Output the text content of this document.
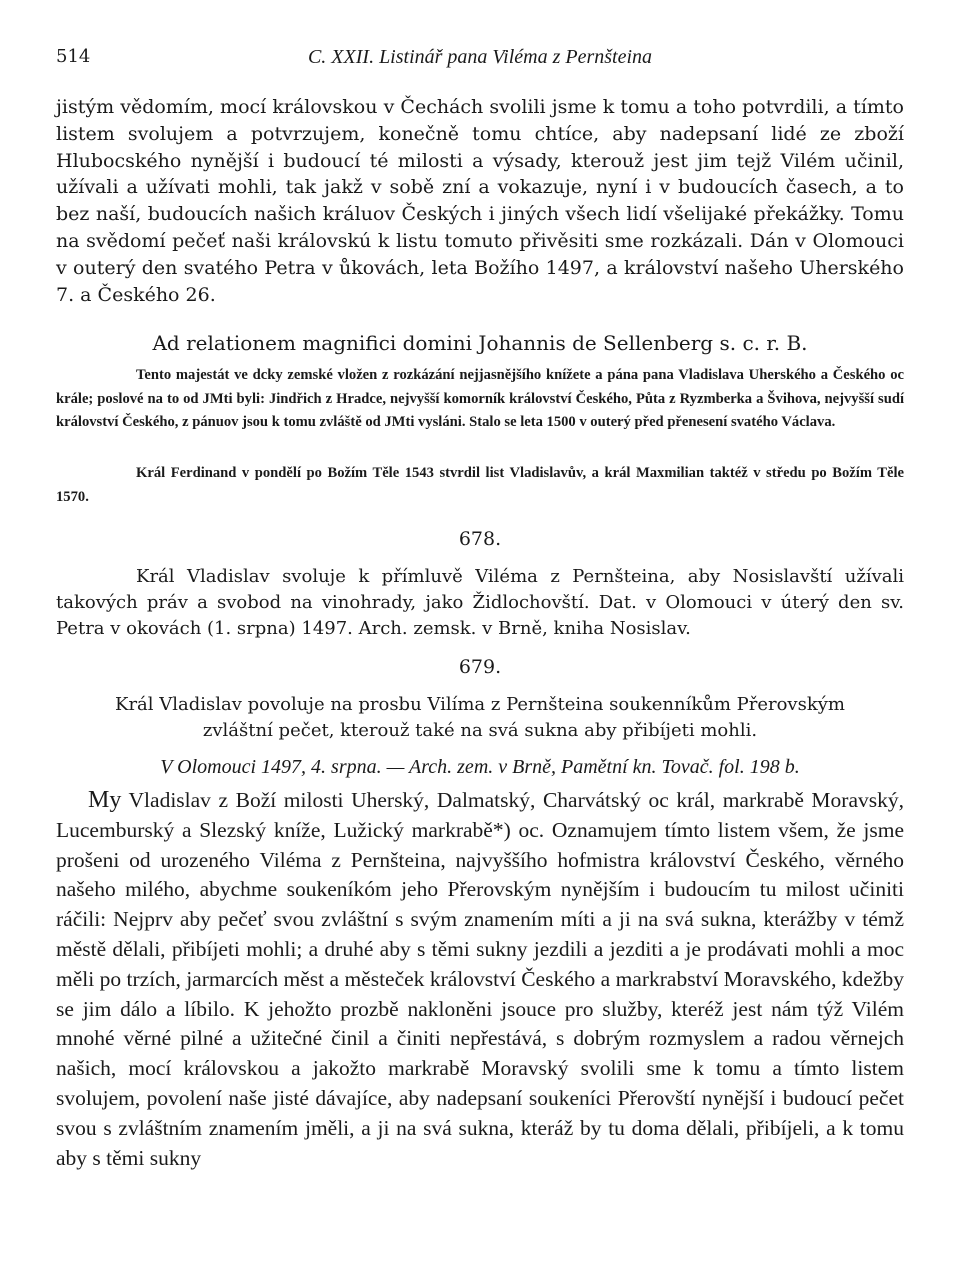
514	C. XXII. Listinář pana Viléma z Pernšteina

jistým vědomím, mocí královskou v Čechách svolili jsme k tomu a toho potvrdili, a tímto listem svolujem a potvrzujem, konečně tomu chtíce, aby nadepsaní lidé ze zboží Hlubocského nynější i budoucí té milosti a výsady, kterouž jest jim tejž Vilém učinil, užívali a užívati mohli, tak jakž v sobě zní a vokazuje, nyní i v budoucích časech, a to bez naší, budoucích našich králuov Českých i jiných všech lidí všelijaké překážky. Tomu na svědomí pečeť naši královskú k listu tomuto přivěsiti sme rozkázali. Dán v Olomouci v outerý den svatého Petra v ůkovách, leta Božího 1497, a království našeho Uherského 7. a Českého 26.

Ad relationem magnifici domini Johannis de Sellenberg s. c. r. B.

Tento majestát ve dcky zemské vložen z rozkázání nejjasnějšího knížete a pána pana Vladislava Uherského a Českého oc krále; poslové na to od JMti byli: Jindřich z Hradce, nejvyšší komorník království Českého, Půta z Ryzmberka a Švihova, nejvyšší sudí království Českého, z pánuov jsou k tomu zvláště od JMti vysláni. Stalo se leta 1500 v outerý před přenesení svatého Václava.

Král Ferdinand v pondělí po Božím Těle 1543 stvrdil list Vladislavův, a král Maxmilian taktéž v středu po Božím Těle 1570.

678.

Král Vladislav svoluje k přímluvě Viléma z Pernšteina, aby Nosislavští užívali takových práv a svobod na vinohrady, jako Židlochovští. Dat. v Olomouci v úterý den sv. Petra v okovách (1. srpna) 1497. Arch. zemsk. v Brně, kniha Nosislav.

679.

Král Vladislav povoluje na prosbu Vilíma z Pernšteina soukenníkům Přerovským zvláštní pečet, kterouž také na svá sukna aby přibíjeti mohli.

V Olomouci 1497, 4. srpna. — Arch. zem. v Brně, Pamětní kn. Tovač. fol. 198 b.

My Vladislav z Boží milosti Uherský, Dalmatský, Charvátský oc král, markrabě Moravský, Lucemburský a Slezský kníže, Lužický markrabě*) oc. Oznamujem tímto listem všem, že jsme prošeni od urozeného Viléma z Pernšteina, najvyššího hofmistra království Českého, věrného našeho milého, abychme soukeníkóm jeho Přerovským nynějším i budoucím tu milost učiniti ráčili: Nejprv aby pečeť svou zvláštní s svým znamením míti a ji na svá sukna, kterážby v témž městě dělali, přibíjeti mohli; a druhé aby s těmi sukny jezdili a jezditi a je prodávati mohli a moc měli po trzích, jarmarcích měst a městeček království Českého a markrabství Moravského, kdežby se jim dálo a líbilo. K jehožto prozbě nakloněni jsouce pro služby, kteréž jest nám týž Vilém mnohé věrné pilné a užitečné činil a činiti nepřestává, s dobrým rozmyslem a radou věrnejch našich, mocí královskou a jakožto markrabě Moravský svolili sme k tomu a tímto listem svolujem, povolení naše jisté dávajíce, aby nadepsaní soukeníci Přerovští nynější i budoucí pečet svou s zvláštním znamením jměli, a ji na svá sukna, kteráž by tu doma dělali, přibíjeli, a k tomu aby s těmi sukny
